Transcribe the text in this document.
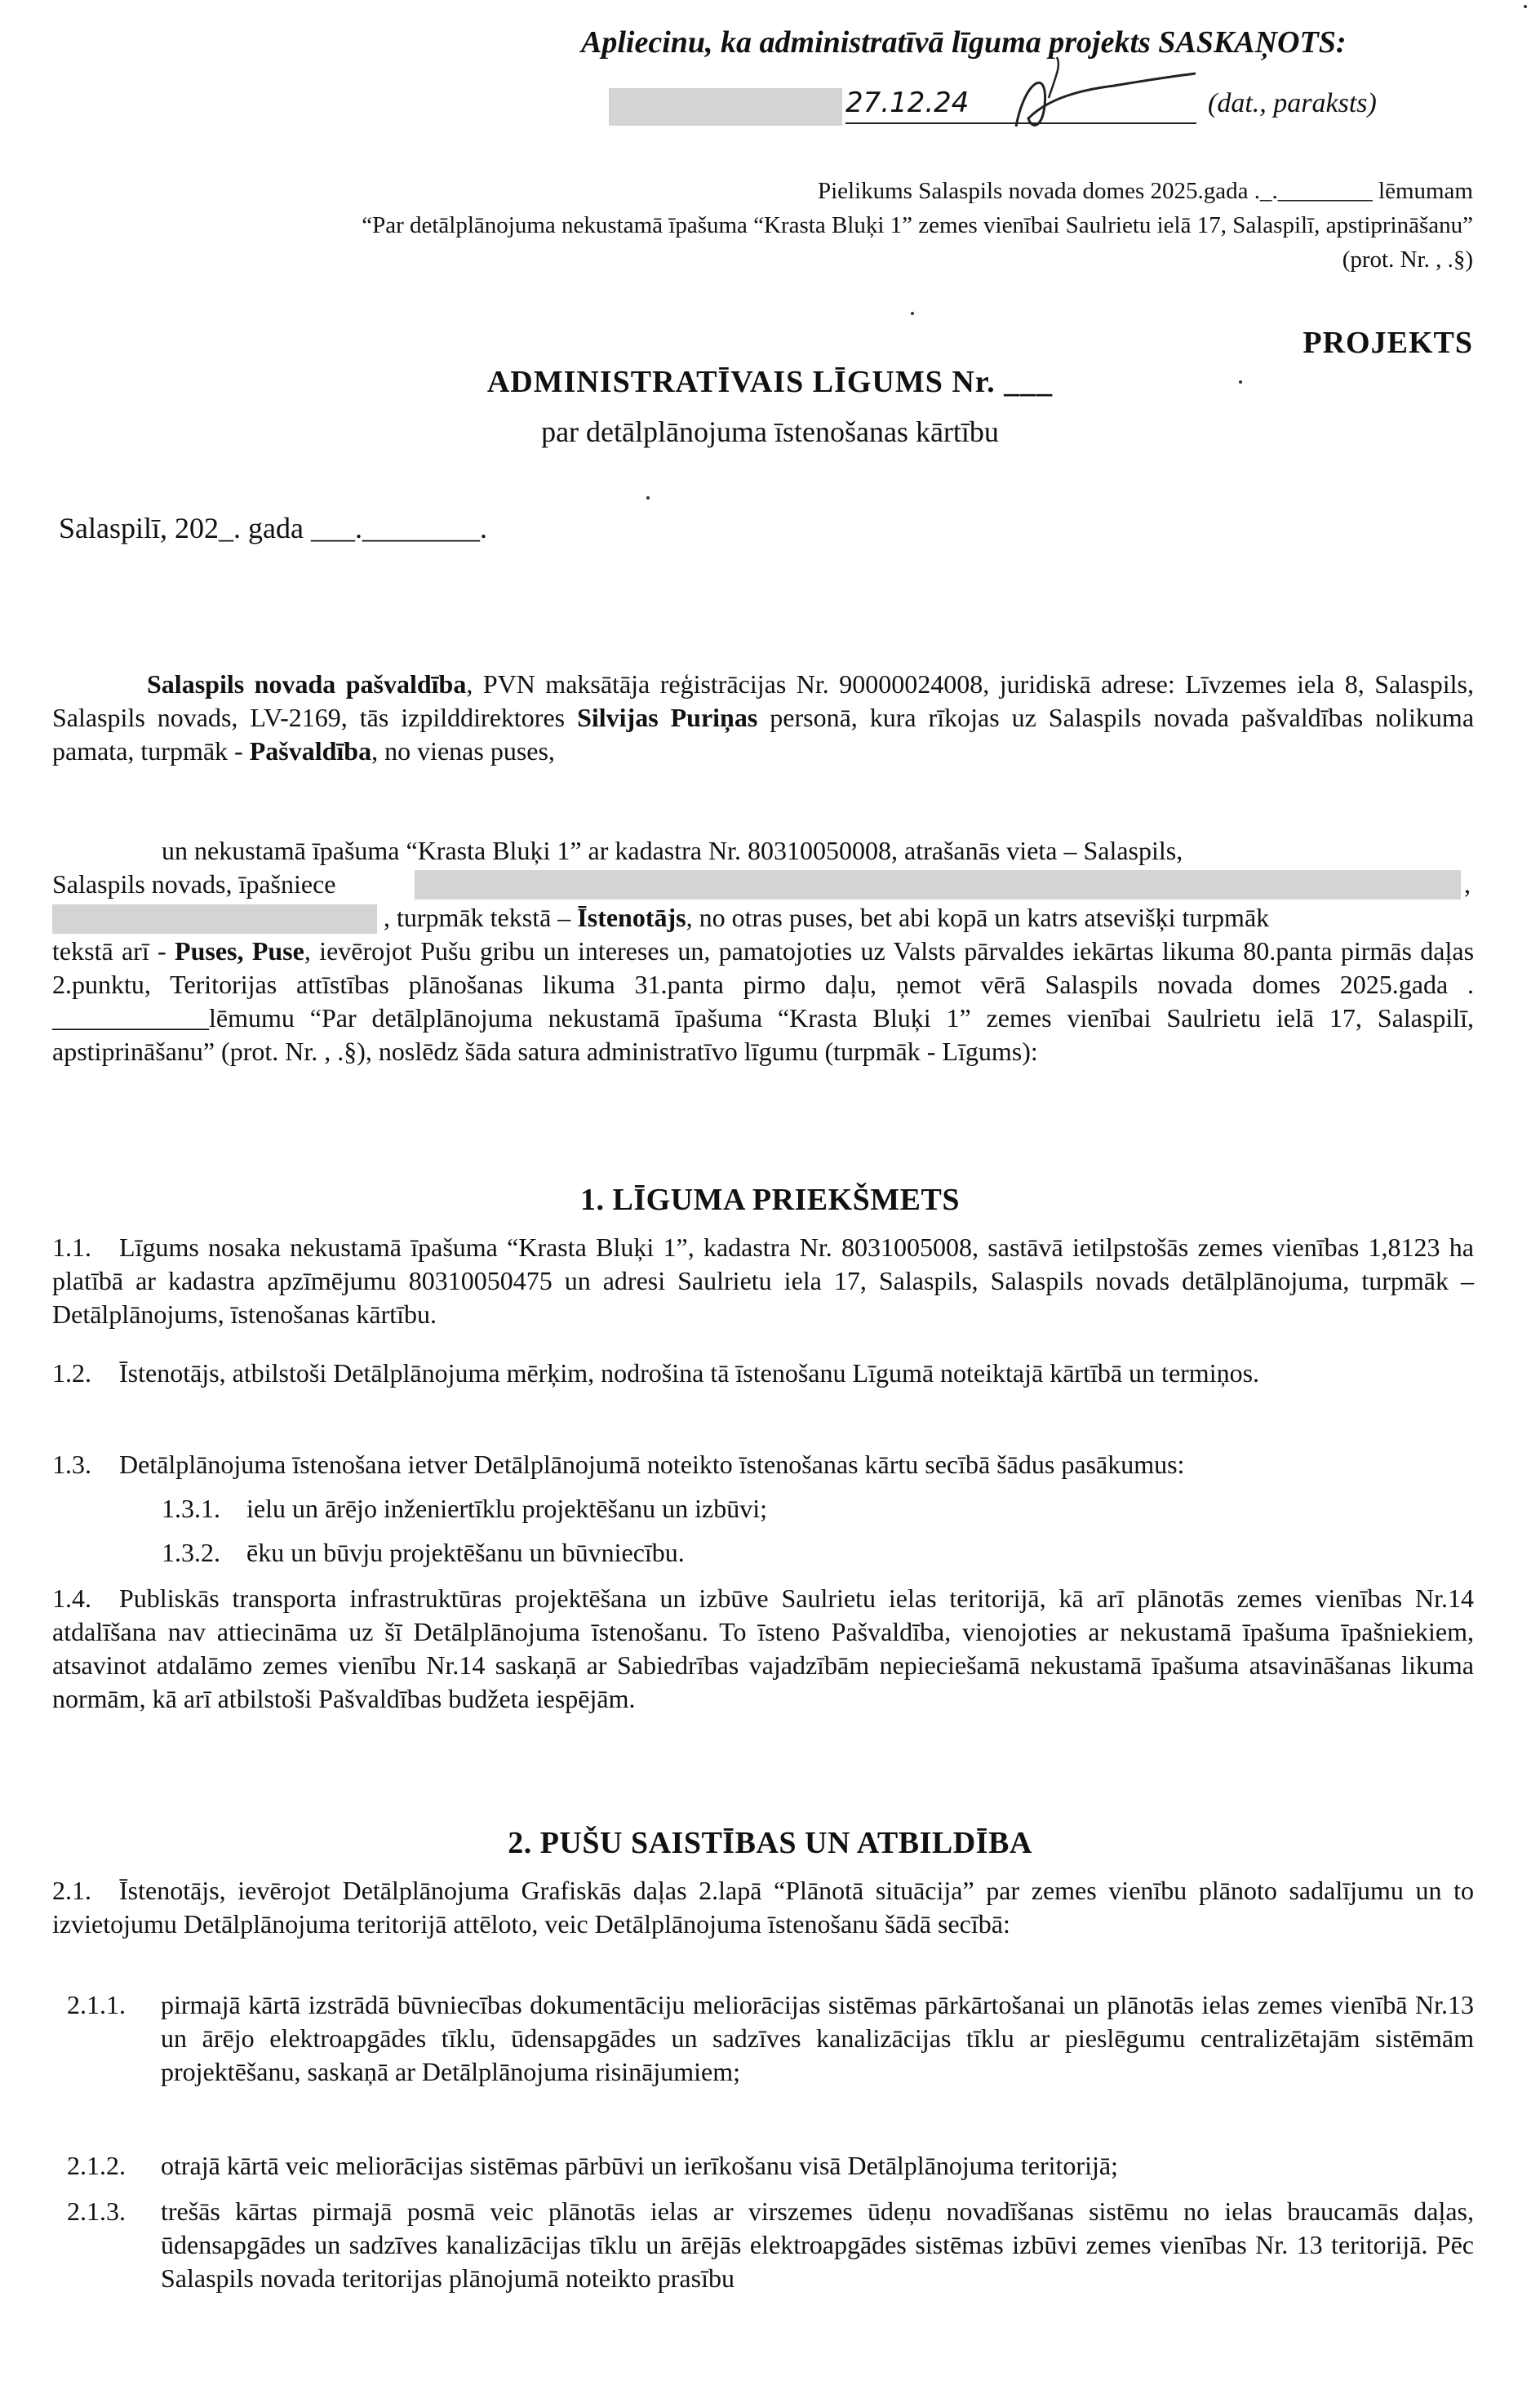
Apliecinu, ka administratīvā līguma projekts SASKAŅOTS:
27.12.24	(dat., paraksts)
Pielikums Salaspils novada domes 2025.gada ._.________ lēmumam
“Par detālplānojuma nekustamā īpašuma “Krasta Bluķi 1” zemes vienībai Saulrietu ielā 17, Salaspilī, apstiprināšanu”
(prot. Nr. , .§)
PROJEKTS
ADMINISTRATĪVAIS LĪGUMS Nr. ___
par detālplānojuma īstenošanas kārtību
Salaspilī, 202_. gada ___.________.
Salaspils novada pašvaldība, PVN maksātāja reģistrācijas Nr. 90000024008, juridiskā adrese: Līvzemes iela 8, Salaspils, Salaspils novads, LV-2169, tās izpilddirektores Silvijas Puriņas personā, kura rīkojas uz Salaspils novada pašvaldības nolikuma pamata, turpmāk - Pašvaldība, no vienas puses,
un nekustamā īpašuma “Krasta Bluķi 1” ar kadastra Nr. 80310050008, atrašanās vieta – Salaspils,
Salaspils novads, īpašniece	,
, turpmāk tekstā – Īstenotājs, no otras puses, bet abi kopā un katrs atsevišķi turpmāk
tekstā arī - Puses, Puse, ievērojot Pušu gribu un intereses un, pamatojoties uz Valsts pārvaldes iekārtas likuma 80.panta pirmās daļas 2.punktu, Teritorijas attīstības plānošanas likuma 31.panta pirmo daļu, ņemot vērā Salaspils novada domes 2025.gada . ____________lēmumu “Par detālplānojuma nekustamā īpašuma “Krasta Bluķi 1” zemes vienībai Saulrietu ielā 17, Salaspilī, apstiprināšanu” (prot. Nr. , .§), noslēdz šāda satura administratīvo līgumu (turpmāk - Līgums):
1. LĪGUMA PRIEKŠMETS
1.1.	Līgums nosaka nekustamā īpašuma “Krasta Bluķi 1”, kadastra Nr. 8031005008, sastāvā ietilpstošās zemes vienības 1,8123 ha platībā ar kadastra apzīmējumu 80310050475 un adresi Saulrietu iela 17, Salaspils, Salaspils novads detālplānojuma, turpmāk – Detālplānojums, īstenošanas kārtību.
1.2.	Īstenotājs, atbilstoši Detālplānojuma mērķim, nodrošina tā īstenošanu Līgumā noteiktajā kārtībā un termiņos.
1.3.	Detālplānojuma īstenošana ietver Detālplānojumā noteikto īstenošanas kārtu secībā šādus pasākumus:
1.3.1. ielu un ārējo inženiertīklu projektēšanu un izbūvi;
1.3.2. ēku un būvju projektēšanu un būvniecību.
1.4.	Publiskās transporta infrastruktūras projektēšana un izbūve Saulrietu ielas teritorijā, kā arī plānotās zemes vienības Nr.14 atdalīšana nav attiecināma uz šī Detālplānojuma īstenošanu. To īsteno Pašvaldība, vienojoties ar nekustamā īpašuma īpašniekiem, atsavinot atdalāmo zemes vienību Nr.14 saskaņā ar Sabiedrības vajadzībām nepieciešamā nekustamā īpašuma atsavināšanas likuma normām, kā arī atbilstoši Pašvaldības budžeta iespējām.
2. PUŠU SAISTĪBAS UN ATBILDĪBA
2.1.	Īstenotājs, ievērojot Detālplānojuma Grafiskās daļas 2.lapā “Plānotā situācija” par zemes vienību plānoto sadalījumu un to izvietojumu Detālplānojuma teritorijā attēloto, veic Detālplānojuma īstenošanu šādā secībā:
2.1.1. pirmajā kārtā izstrādā būvniecības dokumentāciju meliorācijas sistēmas pārkārtošanai un plānotās ielas zemes vienībā Nr.13 un ārējo elektroapgādes tīklu, ūdensapgādes un sadzīves kanalizācijas tīklu ar pieslēgumu centralizētajām sistēmām projektēšanu, saskaņā ar Detālplānojuma risinājumiem;
2.1.2. otrajā kārtā veic meliorācijas sistēmas pārbūvi un ierīkošanu visā Detālplānojuma teritorijā;
2.1.3. trešās kārtas pirmajā posmā veic plānotās ielas ar virszemes ūdeņu novadīšanas sistēmu no ielas braucamās daļas, ūdensapgādes un sadzīves kanalizācijas tīklu un ārējās elektroapgādes sistēmas izbūvi zemes vienības Nr. 13 teritorijā. Pēc Salaspils novada teritorijas plānojumā noteikto prasību
